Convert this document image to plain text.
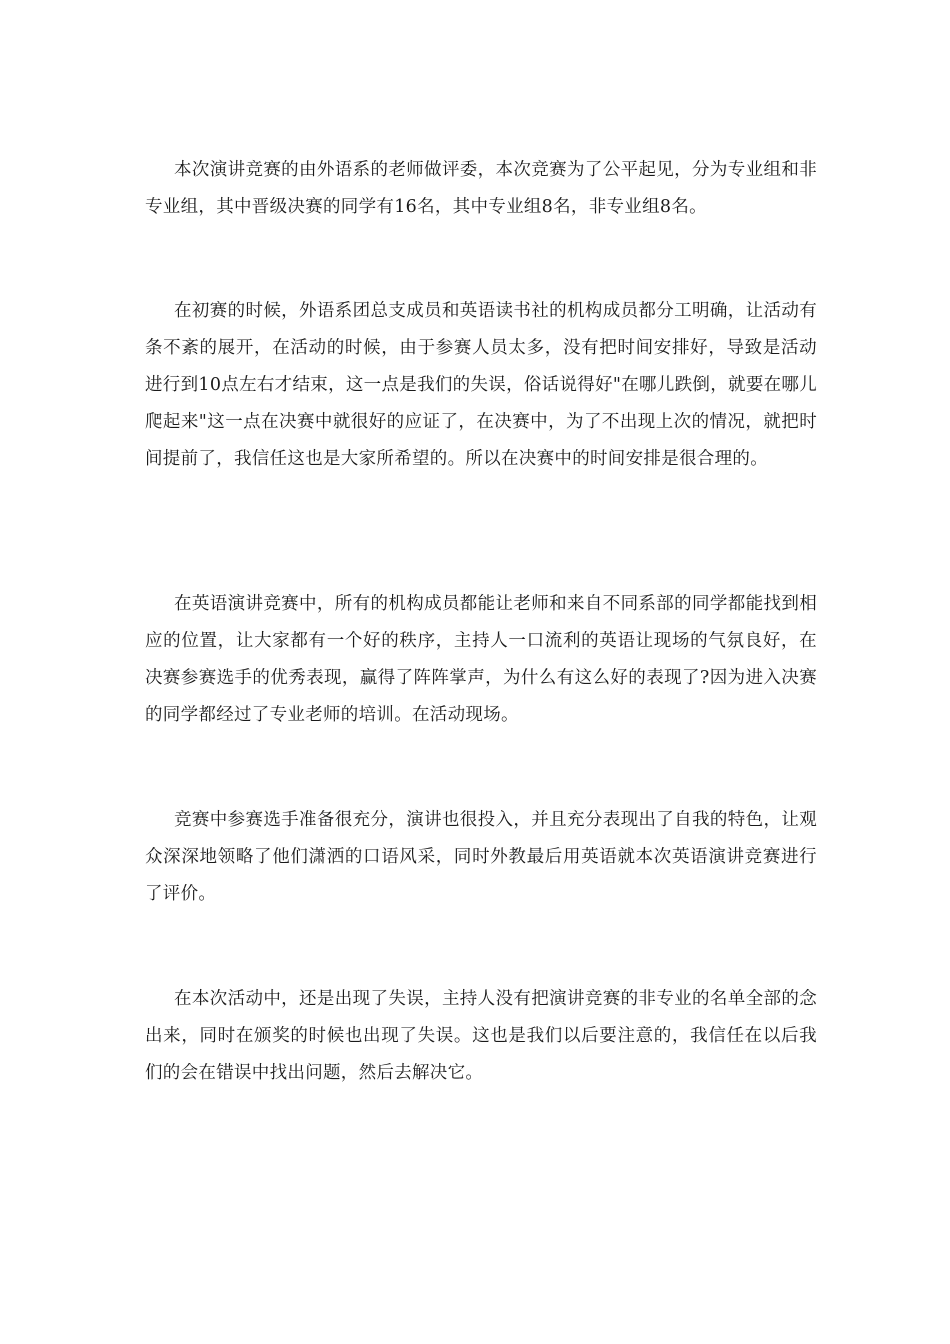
本次演讲竞赛的由外语系的老师做评委，本次竞赛为了公平起见，分为专业组和非专业组，其中晋级决赛的同学有16名，其中专业组8名，非专业组8名。

在初赛的时候，外语系团总支成员和英语读书社的机构成员都分工明确，让活动有条不紊的展开，在活动的时候，由于参赛人员太多，没有把时间安排好，导致是活动进行到10点左右才结束，这一点是我们的失误，俗话说得好"在哪儿跌倒，就要在哪儿爬起来"这一点在决赛中就很好的应证了，在决赛中，为了不出现上次的情况，就把时间提前了，我信任这也是大家所希望的。所以在决赛中的时间安排是很合理的。

在英语演讲竞赛中，所有的机构成员都能让老师和来自不同系部的同学都能找到相应的位置，让大家都有一个好的秩序，主持人一口流利的英语让现场的气氛良好，在决赛参赛选手的优秀表现，赢得了阵阵掌声，为什么有这么好的表现了?因为进入决赛的同学都经过了专业老师的培训。在活动现场。

竞赛中参赛选手准备很充分，演讲也很投入，并且充分表现出了自我的特色，让观众深深地领略了他们潇洒的口语风采，同时外教最后用英语就本次英语演讲竞赛进行了评价。

在本次活动中，还是出现了失误，主持人没有把演讲竞赛的非专业的名单全部的念出来，同时在颁奖的时候也出现了失误。这也是我们以后要注意的，我信任在以后我们的会在错误中找出问题，然后去解决它。
